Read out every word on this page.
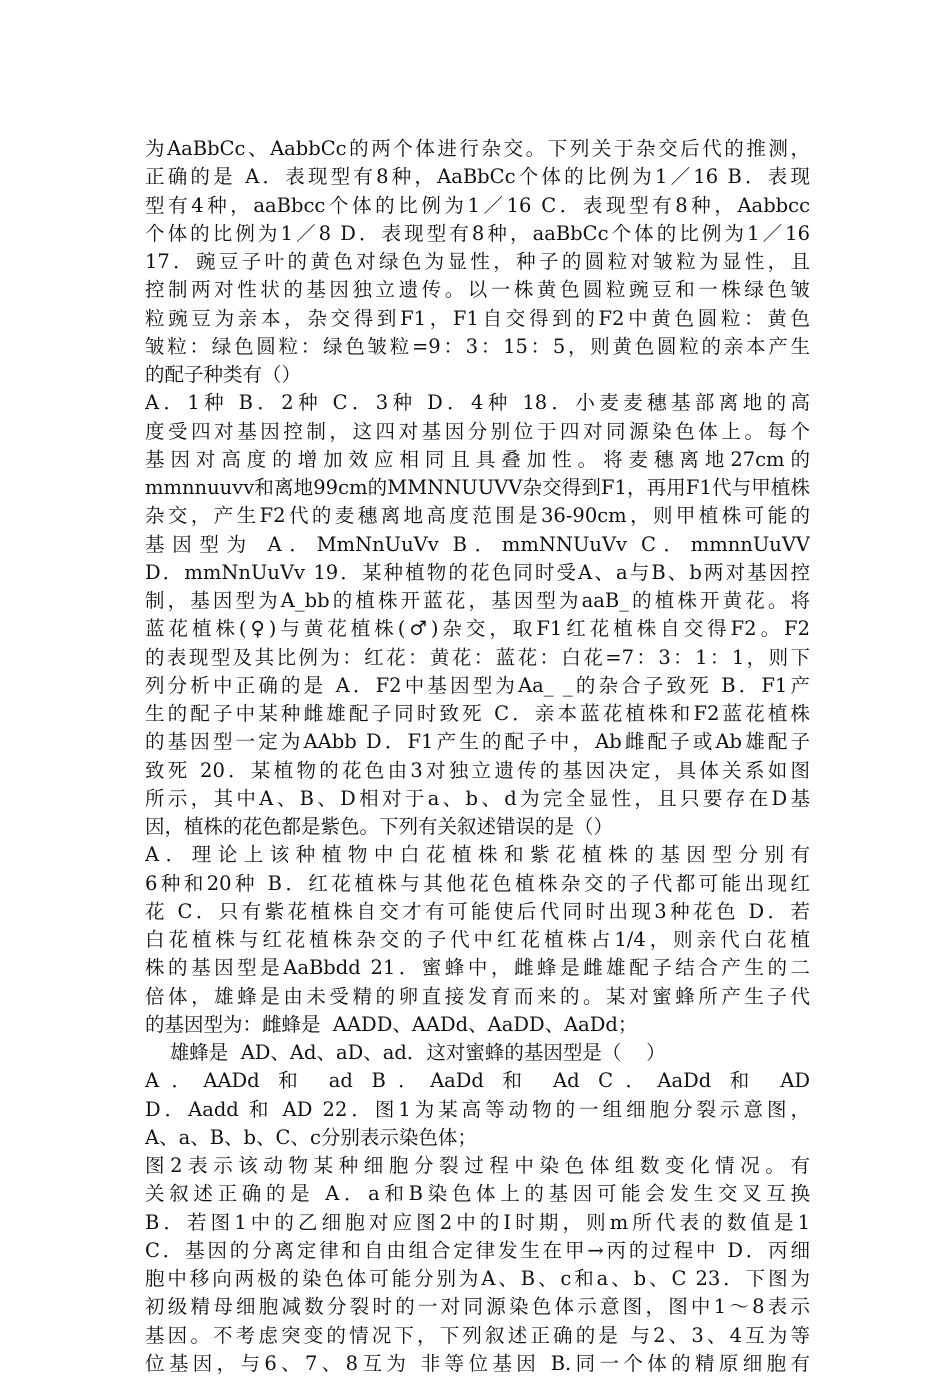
为AaBbCc、AabbCc的两个体进行杂交。下列关于杂交后代的推测，
正确的是 A．表现型有8种，AaBbCc个体的比例为1／16 B．表现
型有4种，aaBbcc个体的比例为1／16 C．表现型有8种，Aabbcc
个体的比例为1／8 D．表现型有8种，aaBbCc个体的比例为1／16
17．豌豆子叶的黄色对绿色为显性，种子的圆粒对皱粒为显性，且
控制两对性状的基因独立遗传。以一株黄色圆粒豌豆和一株绿色皱
粒豌豆为亲本，杂交得到F1，F1自交得到的F2中黄色圆粒：黄色
皱粒：绿色圆粒：绿色皱粒=9：3：15：5，则黄色圆粒的亲本产生
的配子种类有（）
A．1种 B．2种 C．3种 D．4种 18．小麦麦穗基部离地的高
度受四对基因控制，这四对基因分别位于四对同源染色体上。每个
基因对高度的增加效应相同且具叠加性。将麦穗离地27cm的
mmnnuuvv和离地99cm的MMNNUUVV杂交得到F1，再用F1代与甲植株
杂交，产生F2代的麦穗离地高度范围是36-90cm，则甲植株可能的
基因型为 A．MmNnUuVv B．mmNNUuVv C．mmnnUuVV
D．mmNnUuVv 19．某种植物的花色同时受A、a与B、b两对基因控
制，基因型为A_bb的植株开蓝花，基因型为aaB_的植株开黄花。将
蓝花植株(♀)与黄花植株(♂)杂交，取F1红花植株自交得F2。F2
的表现型及其比例为：红花：黄花：蓝花：白花=7：3：1：1，则下
列分析中正确的是 A．F2中基因型为Aa_ _的杂合子致死 B．F1产
生的配子中某种雌雄配子同时致死 C．亲本蓝花植株和F2蓝花植株
的基因型一定为AAbb D．F1产生的配子中，Ab雌配子或Ab雄配子
致死 20．某植物的花色由3对独立遗传的基因决定，具体关系如图
所示，其中A、B、D相对于a、b、d为完全显性，且只要存在D基
因，植株的花色都是紫色。下列有关叙述错误的是（）
A．理论上该种植物中白花植株和紫花植株的基因型分别有
6种和20种 B．红花植株与其他花色植株杂交的子代都可能出现红
花 C．只有紫花植株自交才有可能使后代同时出现3种花色 D．若
白花植株与红花植株杂交的子代中红花植株占1/4，则亲代白花植
株的基因型是AaBbdd 21．蜜蜂中，雌蜂是雌雄配子结合产生的二
倍体，雄蜂是由未受精的卵直接发育而来的。某对蜜蜂所产生子代
的基因型为：雌蜂是  AADD、AADd、AaDD、AaDd；
雄蜂是  AD、Ad、aD、ad．这对蜜蜂的基因型是（    ）
A．AADd 和 ad B．AaDd 和 Ad C．AaDd 和 AD
D．Aadd 和 AD 22．图1为某高等动物的一组细胞分裂示意图，
A、a、B、b、C、c分别表示染色体；
图2表示该动物某种细胞分裂过程中染色体组数变化情况。有
关叙述正确的是 A．a和B染色体上的基因可能会发生交叉互换
B．若图1中的乙细胞对应图2中的Ⅰ时期，则m所代表的数值是1
C．基因的分离定律和自由组合定律发生在甲→丙的过程中 D．丙细
胞中移向两极的染色体可能分别为A、B、c和a、b、C 23．下图为
初级精母细胞减数分裂时的一对同源染色体示意图，图中1～8表示
基因。不考虑突变的情况下，下列叙述正确的是 与2、3、4互为等
位基因，与6、7、8互为 非等位基因 B.同一个体的精原细胞有
